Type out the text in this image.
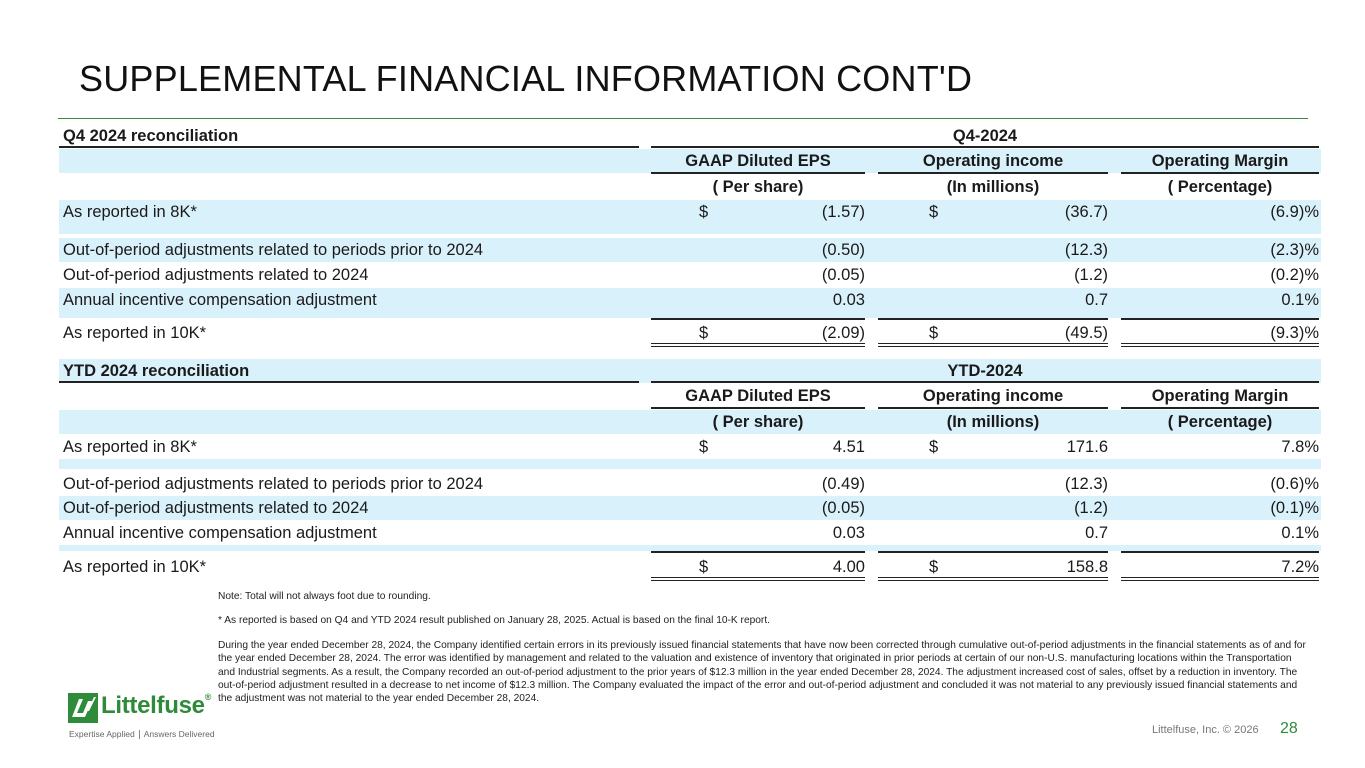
SUPPLEMENTAL FINANCIAL INFORMATION CONT'D
Q4 2024 reconciliation	Q4-2024
GAAP Diluted EPS	Operating income	Operating Margin
( Per share)	(In millions)	( Percentage)
As reported in 8K*	$	(1.57)	$	(36.7)	(6.9)%
Out-of-period adjustments related to periods prior to 2024	(0.50)	(12.3)	(2.3)%
Out-of-period adjustments related to 2024	(0.05)	(1.2)	(0.2)%
Annual incentive compensation adjustment	0.03	0.7	0.1%
As reported in 10K*	$	(2.09)	$	(49.5)	(9.3)%
YTD 2024 reconciliation	YTD-2024
GAAP Diluted EPS	Operating income	Operating Margin
( Per share)	(In millions)	( Percentage)
As reported in 8K*	$	4.51	$	171.6	7.8%
Out-of-period adjustments related to periods prior to 2024	(0.49)	(12.3)	(0.6)%
Out-of-period adjustments related to 2024	(0.05)	(1.2)	(0.1)%
Annual incentive compensation adjustment	0.03	0.7	0.1%
As reported in 10K*	$	4.00	$	158.8	7.2%

Note: Total will not always foot due to rounding.

* As reported is based on Q4 and YTD 2024 result published on January 28, 2025. Actual is based on the final 10-K report.

During the year ended December 28, 2024, the Company identified certain errors in its previously issued financial statements that have now been corrected through cumulative out-of-period adjustments in the financial statements as of and for the year ended December 28, 2024. The error was identified by management and related to the valuation and existence of inventory that originated in prior periods at certain of our non-U.S. manufacturing locations within the Transportation and Industrial segments. As a result, the Company recorded an out-of-period adjustment to the prior years of $12.3 million in the year ended December 28, 2024. The adjustment increased cost of sales, offset by a reduction in inventory. The out-of-period adjustment resulted in a decrease to net income of $12.3 million. The Company evaluated the impact of the error and out-of-period adjustment and concluded it was not material to any previously issued financial statements and the adjustment was not material to the year ended December 28, 2024.

Littelfuse®
Expertise Applied Answers Delivered	Littelfuse, Inc. © 2026 28
